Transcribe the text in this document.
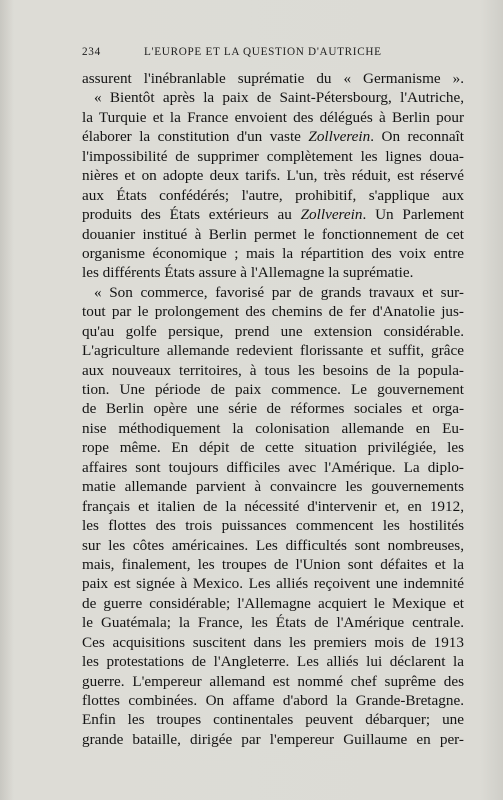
234	L'EUROPE ET LA QUESTION D'AUTRICHE
assurent l'inébranlable suprématie du « Germanisme ».
« Bientôt après la paix de Saint-Pétersbourg, l'Autriche,
la Turquie et la France envoient des délégués à Berlin pour
élaborer la constitution d'un vaste Zollverein. On reconnaît
l'impossibilité de supprimer complètement les lignes doua-
nières et on adopte deux tarifs. L'un, très réduit, est réservé
aux États confédérés; l'autre, prohibitif, s'applique aux
produits des États extérieurs au Zollverein. Un Parlement
douanier institué à Berlin permet le fonctionnement de cet
organisme économique ; mais la répartition des voix entre
les différents États assure à l'Allemagne la suprématie.
« Son commerce, favorisé par de grands travaux et sur-
tout par le prolongement des chemins de fer d'Anatolie jus-
qu'au golfe persique, prend une extension considérable.
L'agriculture allemande redevient florissante et suffit, grâce
aux nouveaux territoires, à tous les besoins de la popula-
tion. Une période de paix commence. Le gouvernement
de Berlin opère une série de réformes sociales et orga-
nise méthodiquement la colonisation allemande en Eu-
rope même. En dépit de cette situation privilégiée, les
affaires sont toujours difficiles avec l'Amérique. La diplo-
matie allemande parvient à convaincre les gouvernements
français et italien de la nécessité d'intervenir et, en 1912,
les flottes des trois puissances commencent les hostilités
sur les côtes américaines. Les difficultés sont nombreuses,
mais, finalement, les troupes de l'Union sont défaites et la
paix est signée à Mexico. Les alliés reçoivent une indemnité
de guerre considérable; l'Allemagne acquiert le Mexique et
le Guatémala; la France, les États de l'Amérique centrale.
Ces acquisitions suscitent dans les premiers mois de 1913
les protestations de l'Angleterre. Les alliés lui déclarent la
guerre. L'empereur allemand est nommé chef suprême des
flottes combinées. On affame d'abord la Grande-Bretagne.
Enfin les troupes continentales peuvent débarquer; une
grande bataille, dirigée par l'empereur Guillaume en per-
